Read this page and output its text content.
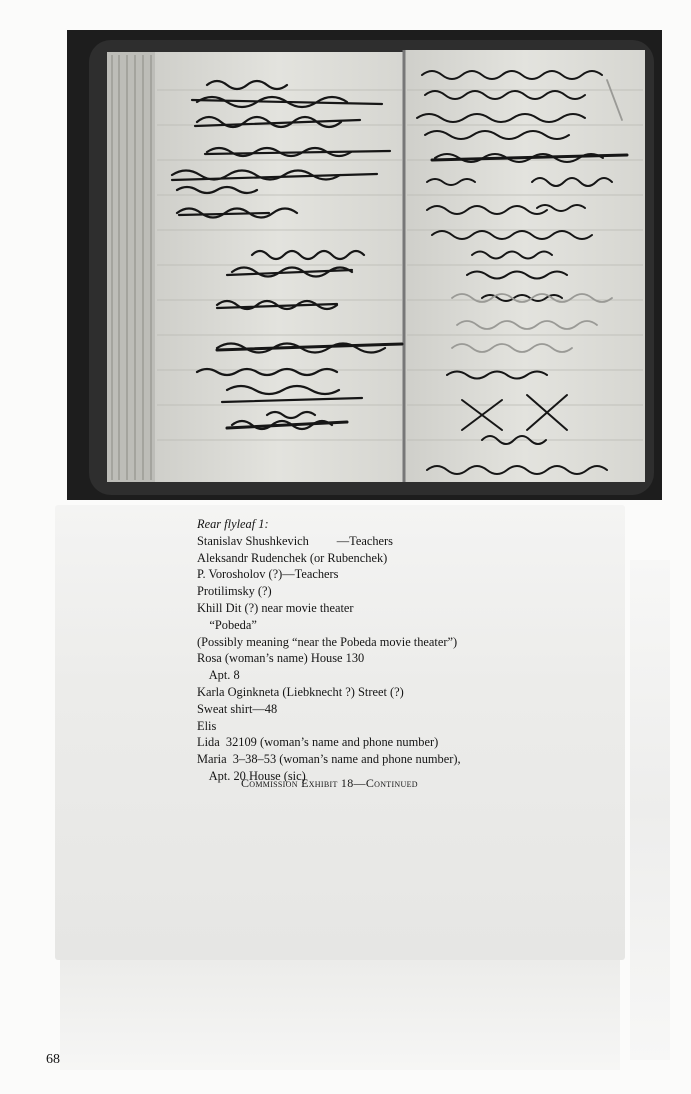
Rear flyleaf 1:
Stanislav Shushkevich         —Teachers
Aleksandr Rudenchek (or Rubenchek)
P. Vorosholov (?)—Teachers
Protilimsky (?)
Khill Dit (?) near movie theater
“Pobeda”
(Possibly meaning “near the Pobeda movie theater”)
Rosa (woman’s name) House 130
Apt. 8
Karla Oginkneta (Liebknecht ?) Street (?)
Sweat shirt—48
Elis
Lida  32109 (woman’s name and phone number)
Maria  3–38–53 (woman’s name and phone number),
Apt. 20 House (sic)
Commission Exhibit 18—Continued
68
